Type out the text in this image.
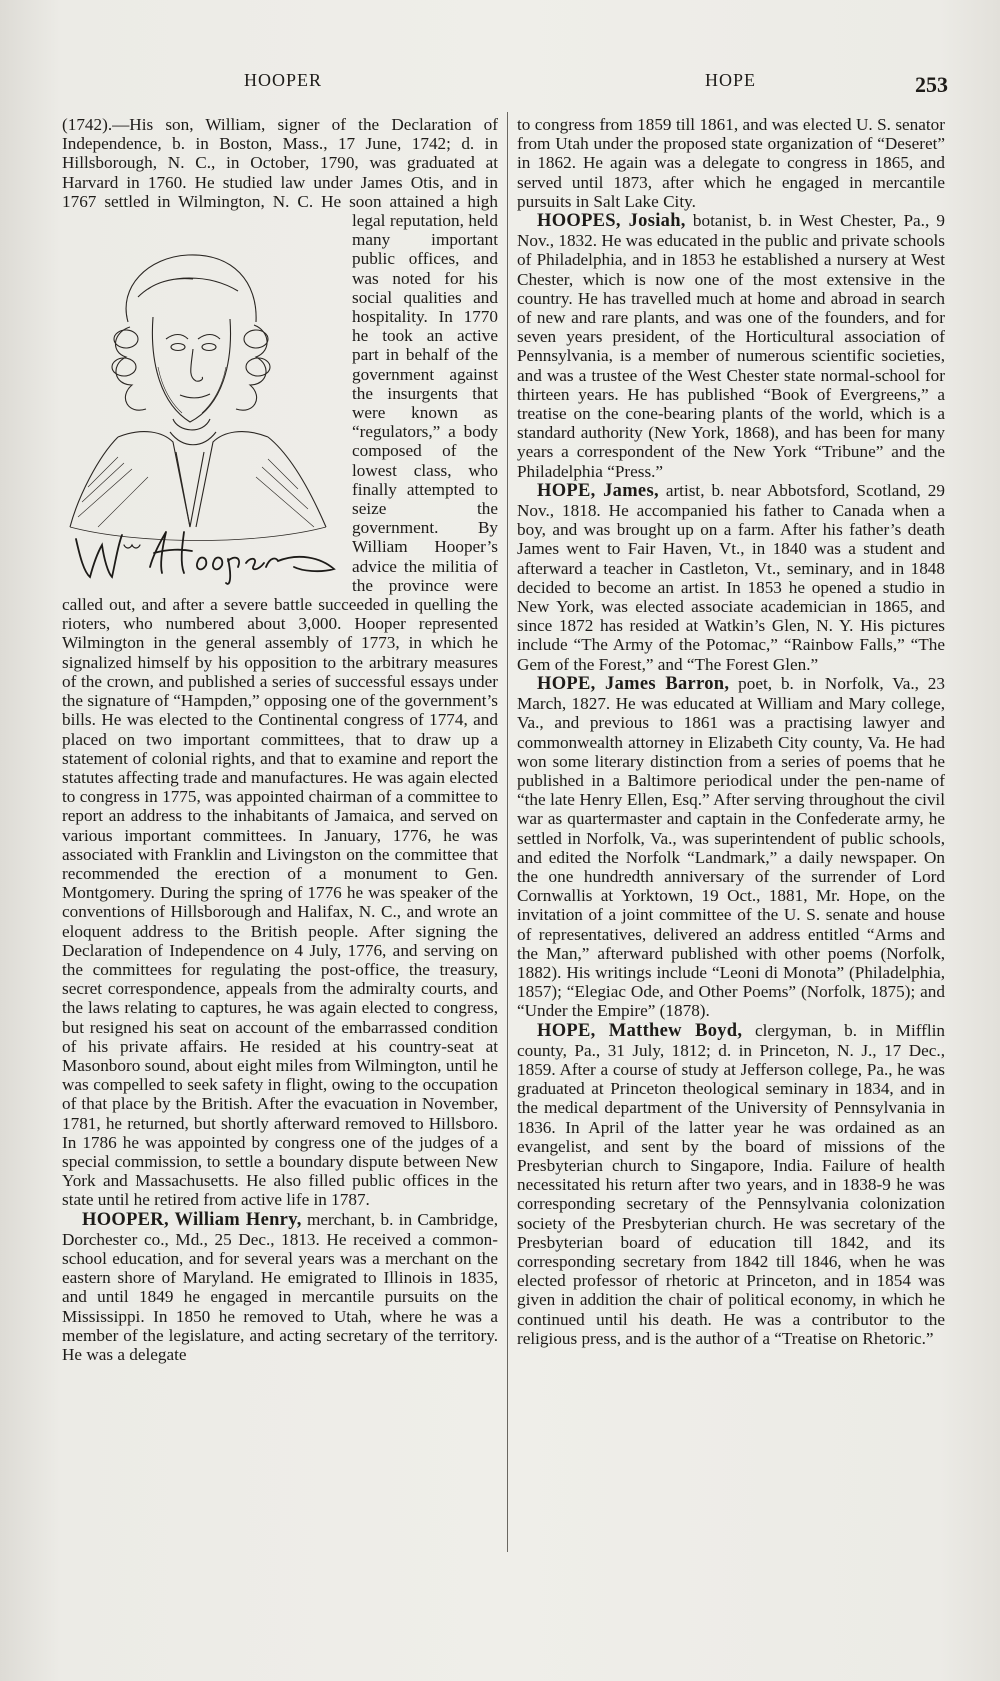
HOOPER	HOPE	253

(1742).—His son, William, signer of the Declaration of Independence, b. in Boston, Mass., 17 June, 1742; d. in Hillsborough, N. C., in October, 1790, was graduated at Harvard in 1760. He studied law under James Otis, and in 1767 settled in Wilmington, N. C. He soon attained a high legal reputation, held many important public offices, and was noted for his social qualities and hospitality. In 1770 he took an active part in behalf of the government against the insurgents that were known as “regulators,” a body composed of the lowest class, who finally attempted to seize the government. By William Hooper’s advice the militia of the province were called out, and after a severe battle succeeded in quelling the rioters, who numbered about 3,000. Hooper represented Wilmington in the general assembly of 1773, in which he signalized himself by his opposition to the arbitrary measures of the crown, and published a series of successful essays under the signature of “Hampden,” opposing one of the government’s bills. He was elected to the Continental congress of 1774, and placed on two important committees, that to draw up a statement of colonial rights, and that to examine and report the statutes affecting trade and manufactures. He was again elected to congress in 1775, was appointed chairman of a committee to report an address to the inhabitants of Jamaica, and served on various important committees. In January, 1776, he was associated with Franklin and Livingston on the committee that recommended the erection of a monument to Gen. Montgomery. During the spring of 1776 he was speaker of the conventions of Hillsborough and Halifax, N. C., and wrote an eloquent address to the British people. After signing the Declaration of Independence on 4 July, 1776, and serving on the committees for regulating the post-office, the treasury, secret correspondence, appeals from the admiralty courts, and the laws relating to captures, he was again elected to congress, but resigned his seat on account of the embarrassed condition of his private affairs. He resided at his country-seat at Masonboro sound, about eight miles from Wilmington, until he was compelled to seek safety in flight, owing to the occupation of that place by the British. After the evacuation in November, 1781, he returned, but shortly afterward removed to Hillsboro. In 1786 he was appointed by congress one of the judges of a special commission, to settle a boundary dispute between New York and Massachusetts. He also filled public offices in the state until he retired from active life in 1787.

HOOPER, William Henry, merchant, b. in Cambridge, Dorchester co., Md., 25 Dec., 1813. He received a common-school education, and for several years was a merchant on the eastern shore of Maryland. He emigrated to Illinois in 1835, and until 1849 he engaged in mercantile pursuits on the Mississippi. In 1850 he removed to Utah, where he was a member of the legislature, and acting secretary of the territory. He was a delegate

to congress from 1859 till 1861, and was elected U. S. senator from Utah under the proposed state organization of “Deseret” in 1862. He again was a delegate to congress in 1865, and served until 1873, after which he engaged in mercantile pursuits in Salt Lake City.

HOOPES, Josiah, botanist, b. in West Chester, Pa., 9 Nov., 1832. He was educated in the public and private schools of Philadelphia, and in 1853 he established a nursery at West Chester, which is now one of the most extensive in the country. He has travelled much at home and abroad in search of new and rare plants, and was one of the founders, and for seven years president, of the Horticultural association of Pennsylvania, is a member of numerous scientific societies, and was a trustee of the West Chester state normal-school for thirteen years. He has published “Book of Evergreens,” a treatise on the cone-bearing plants of the world, which is a standard authority (New York, 1868), and has been for many years a correspondent of the New York “Tribune” and the Philadelphia “Press.”

HOPE, James, artist, b. near Abbotsford, Scotland, 29 Nov., 1818. He accompanied his father to Canada when a boy, and was brought up on a farm. After his father’s death James went to Fair Haven, Vt., in 1840 was a student and afterward a teacher in Castleton, Vt., seminary, and in 1848 decided to become an artist. In 1853 he opened a studio in New York, was elected associate academician in 1865, and since 1872 has resided at Watkin’s Glen, N. Y. His pictures include “The Army of the Potomac,” “Rainbow Falls,” “The Gem of the Forest,” and “The Forest Glen.”

HOPE, James Barron, poet, b. in Norfolk, Va., 23 March, 1827. He was educated at William and Mary college, Va., and previous to 1861 was a practising lawyer and commonwealth attorney in Elizabeth City county, Va. He had won some literary distinction from a series of poems that he published in a Baltimore periodical under the pen-name of “the late Henry Ellen, Esq.” After serving throughout the civil war as quartermaster and captain in the Confederate army, he settled in Norfolk, Va., was superintendent of public schools, and edited the Norfolk “Landmark,” a daily newspaper. On the one hundredth anniversary of the surrender of Lord Cornwallis at Yorktown, 19 Oct., 1881, Mr. Hope, on the invitation of a joint committee of the U. S. senate and house of representatives, delivered an address entitled “Arms and the Man,” afterward published with other poems (Norfolk, 1882). His writings include “Leoni di Monota” (Philadelphia, 1857); “Elegiac Ode, and Other Poems” (Norfolk, 1875); and “Under the Empire” (1878).

HOPE, Matthew Boyd, clergyman, b. in Mifflin county, Pa., 31 July, 1812; d. in Princeton, N. J., 17 Dec., 1859. After a course of study at Jefferson college, Pa., he was graduated at Princeton theological seminary in 1834, and in the medical department of the University of Pennsylvania in 1836. In April of the latter year he was ordained as an evangelist, and sent by the board of missions of the Presbyterian church to Singapore, India. Failure of health necessitated his return after two years, and in 1838‑9 he was corresponding secretary of the Pennsylvania colonization society of the Presbyterian church. He was secretary of the Presbyterian board of education till 1842, and its corresponding secretary from 1842 till 1846, when he was elected professor of rhetoric at Princeton, and in 1854 was given in addition the chair of political economy, in which he continued until his death. He was a contributor to the religious press, and is the author of a “Treatise on Rhetoric.”
